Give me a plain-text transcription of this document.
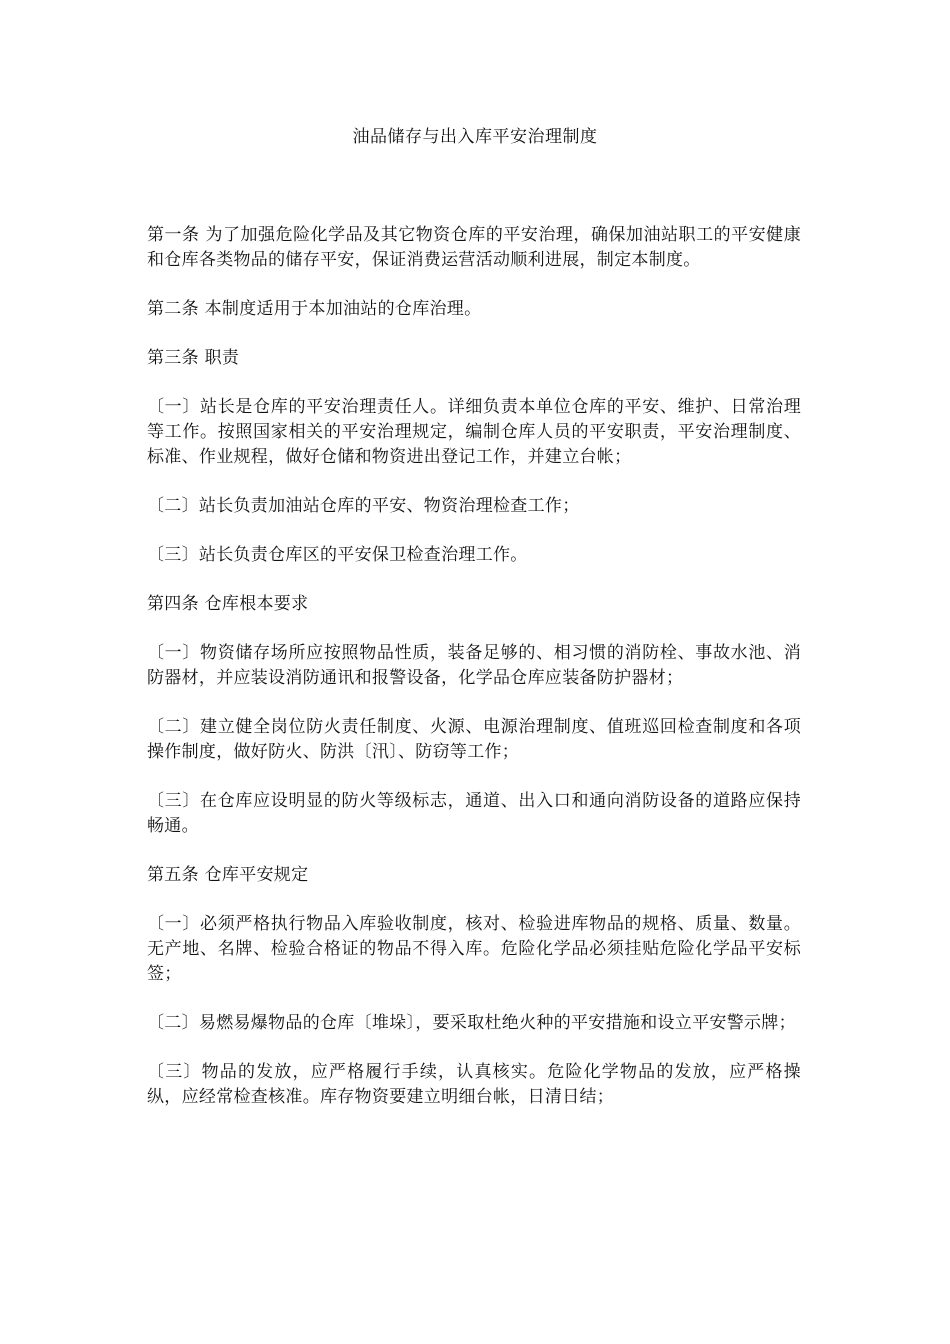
油品储存与出入库平安治理制度

第一条 为了加强危险化学品及其它物资仓库的平安治理，确保加油站职工的平安健康和仓库各类物品的储存平安，保证消费运营活动顺利进展，制定本制度。

第二条 本制度适用于本加油站的仓库治理。

第三条 职责

〔一〕站长是仓库的平安治理责任人。详细负责本单位仓库的平安、维护、日常治理等工作。按照国家相关的平安治理规定，编制仓库人员的平安职责，平安治理制度、标准、作业规程，做好仓储和物资进出登记工作，并建立台帐；

〔二〕站长负责加油站仓库的平安、物资治理检查工作；

〔三〕站长负责仓库区的平安保卫检查治理工作。

第四条 仓库根本要求

〔一〕物资储存场所应按照物品性质，装备足够的、相习惯的消防栓、事故水池、消防器材，并应装设消防通讯和报警设备，化学品仓库应装备防护器材；

〔二〕建立健全岗位防火责任制度、火源、电源治理制度、值班巡回检查制度和各项操作制度，做好防火、防洪〔汛〕、防窃等工作；

〔三〕在仓库应设明显的防火等级标志，通道、出入口和通向消防设备的道路应保持畅通。

第五条 仓库平安规定

〔一〕必须严格执行物品入库验收制度，核对、检验进库物品的规格、质量、数量。无产地、名牌、检验合格证的物品不得入库。危险化学品必须挂贴危险化学品平安标签；

〔二〕易燃易爆物品的仓库〔堆垛〕，要采取杜绝火种的平安措施和设立平安警示牌；

〔三〕物品的发放，应严格履行手续，认真核实。危险化学物品的发放，应严格操纵，应经常检查核准。库存物资要建立明细台帐，日清日结；
